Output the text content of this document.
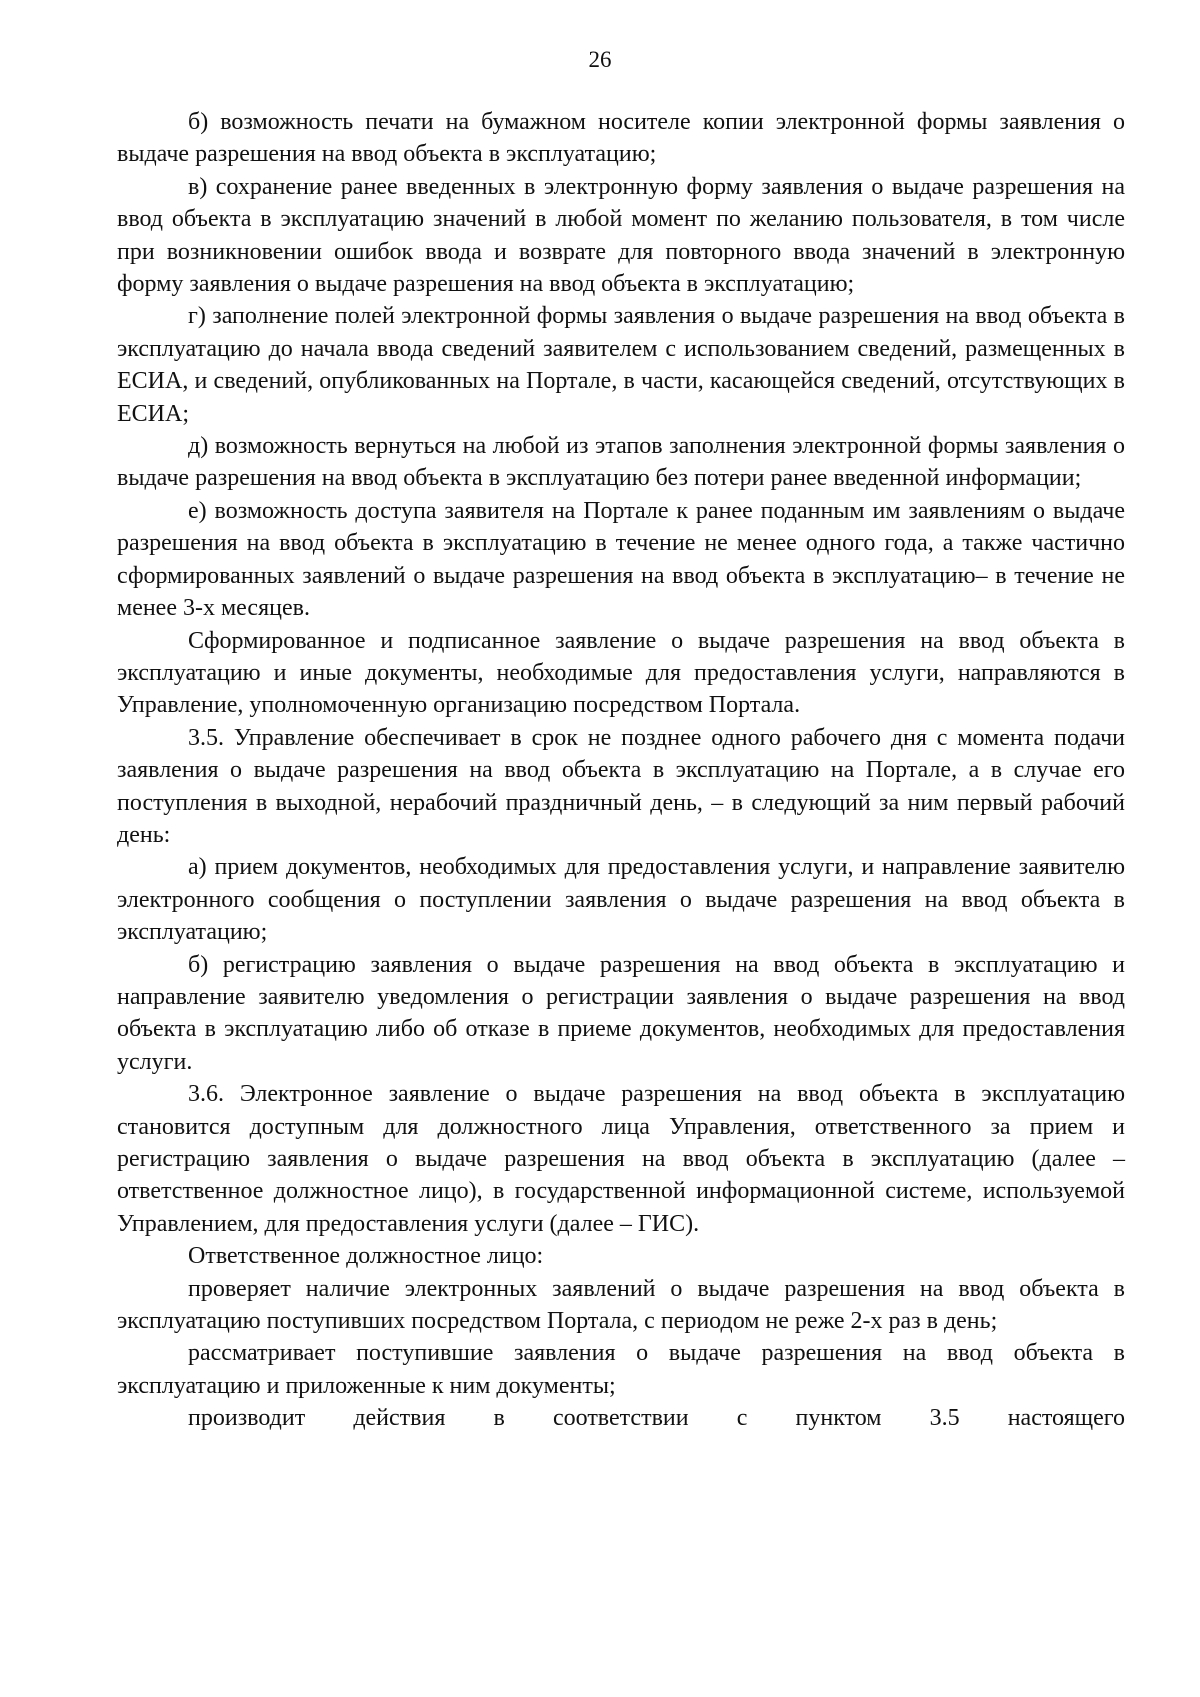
26

б) возможность печати на бумажном носителе копии электронной формы заявления о выдаче разрешения на ввод объекта в эксплуатацию;

в) сохранение ранее введенных в электронную форму заявления о выдаче разрешения на ввод объекта в эксплуатацию значений в любой момент по желанию пользователя, в том числе при возникновении ошибок ввода и возврате для повторного ввода значений в электронную форму заявления о выдаче разрешения на ввод объекта в эксплуатацию;

г) заполнение полей электронной формы заявления о выдаче разрешения на ввод объекта в эксплуатацию до начала ввода сведений заявителем с использованием сведений, размещенных в ЕСИА, и сведений, опубликованных на Портале, в части, касающейся сведений, отсутствующих в ЕСИА;

д) возможность вернуться на любой из этапов заполнения электронной формы заявления о выдаче разрешения на ввод объекта в эксплуатацию без потери ранее введенной информации;

е) возможность доступа заявителя на Портале к ранее поданным им заявлениям о выдаче разрешения на ввод объекта в эксплуатацию в течение не менее одного года, а также частично сформированных заявлений о выдаче разрешения на ввод объекта в эксплуатацию– в течение не менее 3-х месяцев.

Сформированное и подписанное заявление о выдаче разрешения на ввод объекта в эксплуатацию и иные документы, необходимые для предоставления услуги, направляются в Управление, уполномоченную организацию посредством Портала.

3.5. Управление обеспечивает в срок не позднее одного рабочего дня с момента подачи заявления о выдаче разрешения на ввод объекта в эксплуатацию на Портале, а в случае его поступления в выходной, нерабочий праздничный день, – в следующий за ним первый рабочий день:

а) прием документов, необходимых для предоставления услуги, и направление заявителю электронного сообщения о поступлении заявления о выдаче разрешения на ввод объекта в эксплуатацию;

б) регистрацию заявления о выдаче разрешения на ввод объекта в эксплуатацию и направление заявителю уведомления о регистрации заявления о выдаче разрешения на ввод объекта в эксплуатацию либо об отказе в приеме документов, необходимых для предоставления услуги.

3.6. Электронное заявление о выдаче разрешения на ввод объекта в эксплуатацию становится доступным для должностного лица Управления, ответственного за прием и регистрацию заявления о выдаче разрешения на ввод объекта в эксплуатацию (далее – ответственное должностное лицо), в государственной информационной системе, используемой Управлением, для предоставления услуги (далее – ГИС).

Ответственное должностное лицо:

проверяет наличие электронных заявлений о выдаче разрешения на ввод объекта в эксплуатацию поступивших посредством Портала, с периодом не реже 2-х раз в день;

рассматривает поступившие заявления о выдаче разрешения на ввод объекта в эксплуатацию и приложенные к ним документы;

производит действия в соответствии с пунктом 3.5 настоящего
